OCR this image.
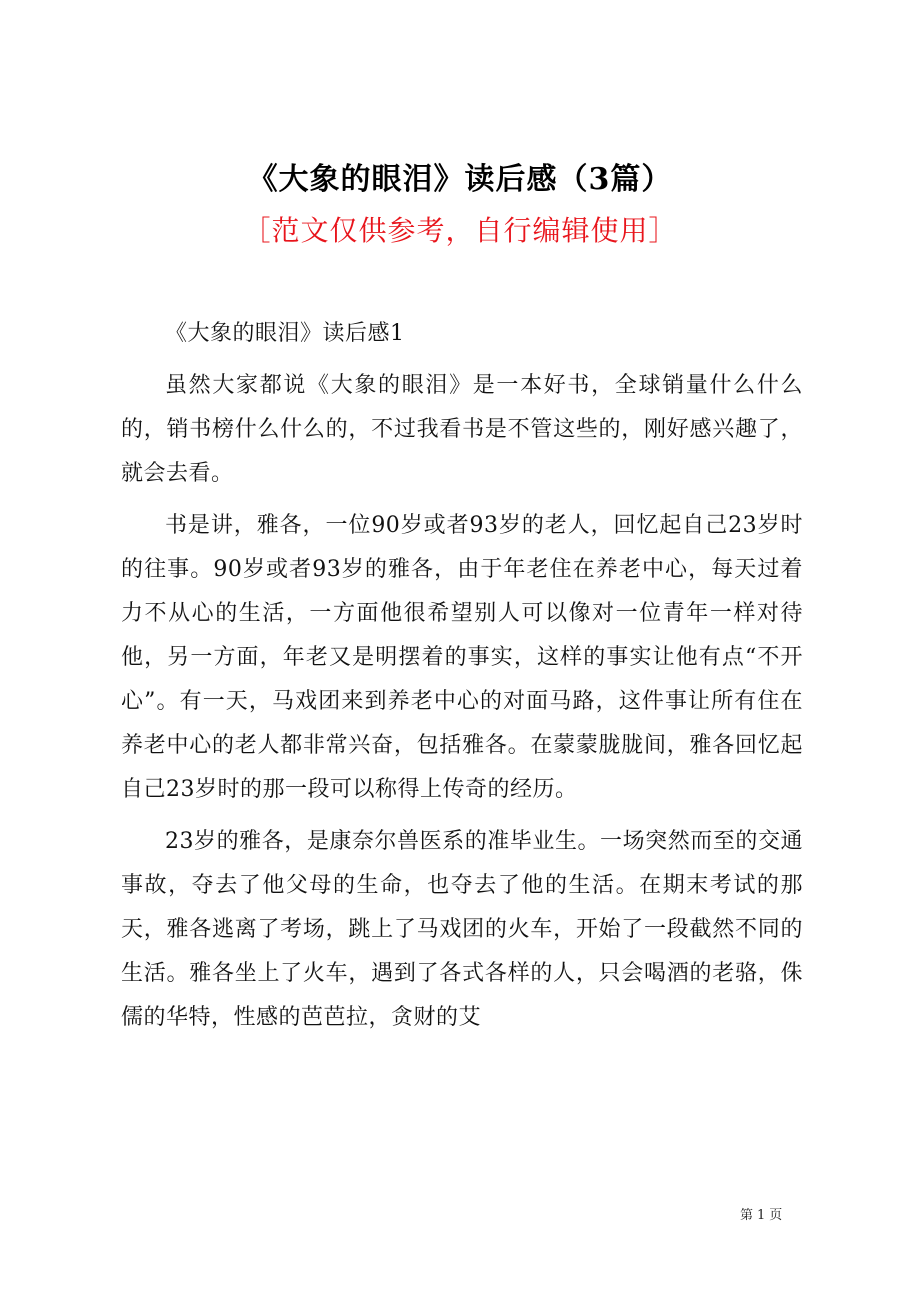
《大象的眼泪》读后感（3篇）
［范文仅供参考，自行编辑使用］

《大象的眼泪》读后感1

虽然大家都说《大象的眼泪》是一本好书，全球销量什么什么的，销书榜什么什么的，不过我看书是不管这些的，刚好感兴趣了，就会去看。

书是讲，雅各，一位90岁或者93岁的老人，回忆起自己23岁时的往事。90岁或者93岁的雅各，由于年老住在养老中心，每天过着力不从心的生活，一方面他很希望别人可以像对一位青年一样对待他，另一方面，年老又是明摆着的事实，这样的事实让他有点“不开心”。有一天，马戏团来到养老中心的对面马路，这件事让所有住在养老中心的老人都非常兴奋，包括雅各。在蒙蒙胧胧间，雅各回忆起自己23岁时的那一段可以称得上传奇的经历。

23岁的雅各，是康奈尔兽医系的准毕业生。一场突然而至的交通事故，夺去了他父母的生命，也夺去了他的生活。在期末考试的那天，雅各逃离了考场，跳上了马戏团的火车，开始了一段截然不同的生活。雅各坐上了火车，遇到了各式各样的人，只会喝酒的老骆，侏儒的华特，性感的芭芭拉，贪财的艾

第 1 页
